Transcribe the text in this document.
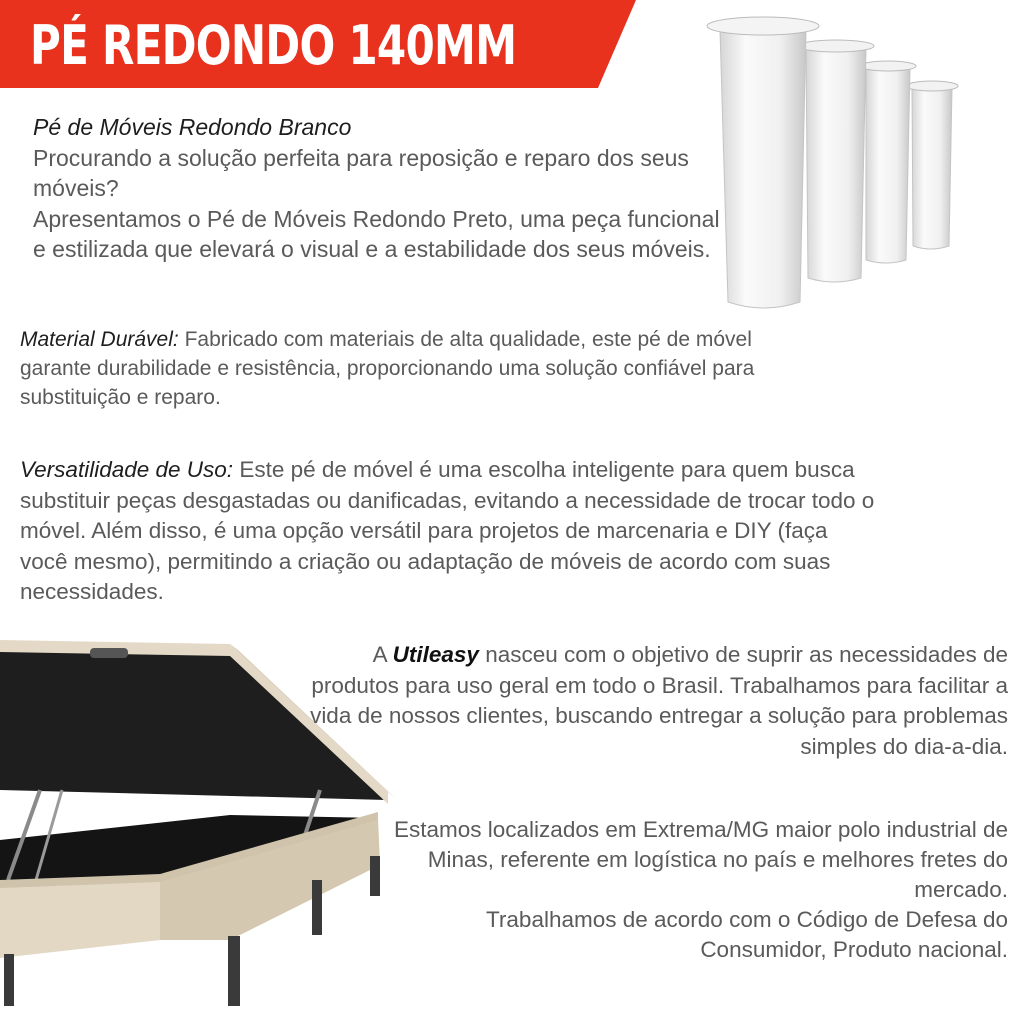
PÉ REDONDO 140MM
Pé de Móveis Redondo Branco
Procurando a solução perfeita para reposição e reparo dos seus móveis?
Apresentamos o Pé de Móveis Redondo Preto, uma peça funcional e estilizada que elevará o visual e a estabilidade dos seus móveis.
Material Durável: Fabricado com materiais de alta qualidade, este pé de móvel garante durabilidade e resistência, proporcionando uma solução confiável para substituição e reparo.
Versatilidade de Uso: Este pé de móvel é uma escolha inteligente para quem busca substituir peças desgastadas ou danificadas, evitando a necessidade de trocar todo o móvel. Além disso, é uma opção versátil para projetos de marcenaria e DIY (faça você mesmo), permitindo a criação ou adaptação de móveis de acordo com suas necessidades.
A Utileasy nasceu com o objetivo de suprir as necessidades de produtos para uso geral em todo o Brasil. Trabalhamos para facilitar a vida de nossos clientes, buscando entregar a solução para problemas simples do dia-a-dia.
Estamos localizados em Extrema/MG maior polo industrial de Minas, referente em logística no país e melhores fretes do mercado.
Trabalhamos de acordo com o Código de Defesa do Consumidor, Produto nacional.
